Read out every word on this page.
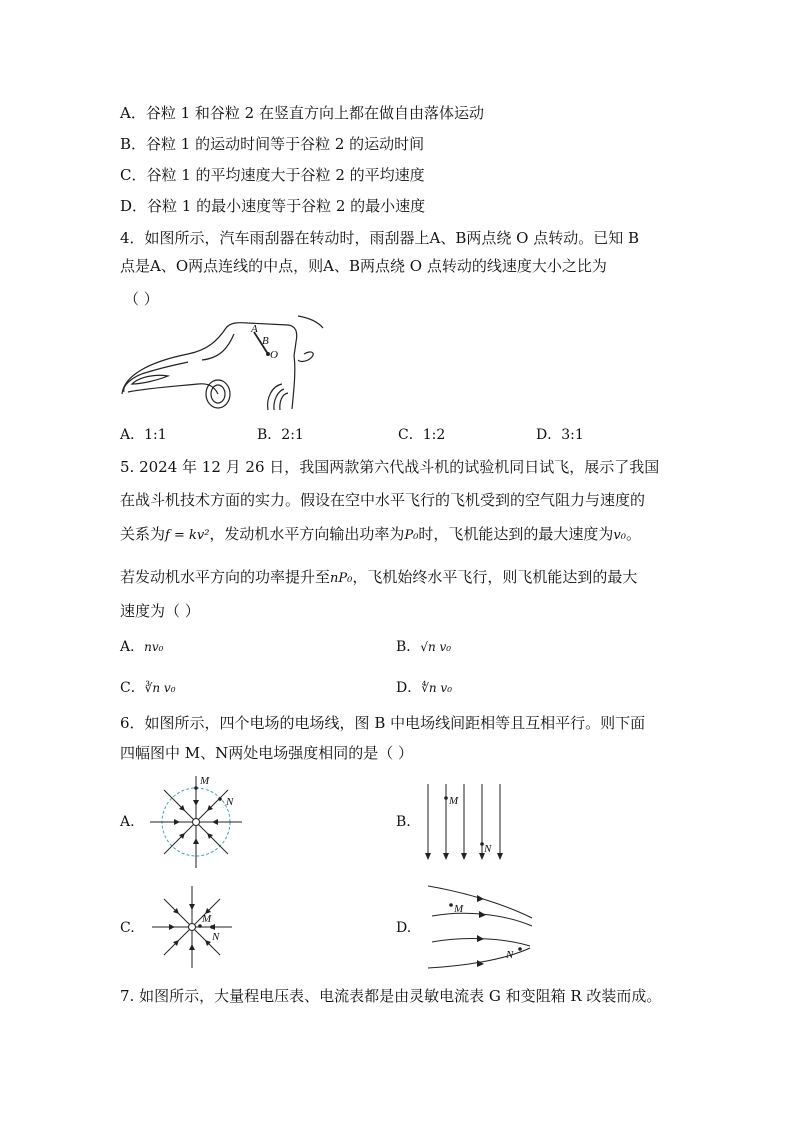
A．谷粒 1 和谷粒 2 在竖直方向上都在做自由落体运动
B．谷粒 1 的运动时间等于谷粒 2 的运动时间
C．谷粒 1 的平均速度大于谷粒 2 的平均速度
D．谷粒 1 的最小速度等于谷粒 2 的最小速度
4．如图所示，汽车雨刮器在转动时，雨刮器上A、B两点绕 O 点转动。已知 B
点是A、O两点连线的中点，则A、B两点绕 O 点转动的线速度大小之比为
（ ）
A
B
O
A．1:1	B．2:1	C．1:2	D．3:1
5. 2024 年 12 月 26 日，我国两款第六代战斗机的试验机同日试飞，展示了我国
在战斗机技术方面的实力。假设在空中水平飞行的飞机受到的空气阻力与速度的
关系为f = kv²，发动机水平方向输出功率为P₀时，飞机能达到的最大速度为v₀。
若发动机水平方向的功率提升至nP₀，飞机始终水平飞行，则飞机能达到的最大
速度为（ ）
A．nv₀	B．√n v₀
C．∛n v₀	D．∜n v₀
6．如图所示，四个电场的电场线，图 B 中电场线间距相等且互相平行。则下面
四幅图中 M、N两处电场强度相同的是（ ）
A.
M
N
B.
M
N
C.
M
N
D.
M
N
7. 如图所示，大量程电压表、电流表都是由灵敏电流表 G 和变阻箱 R 改装而成。
